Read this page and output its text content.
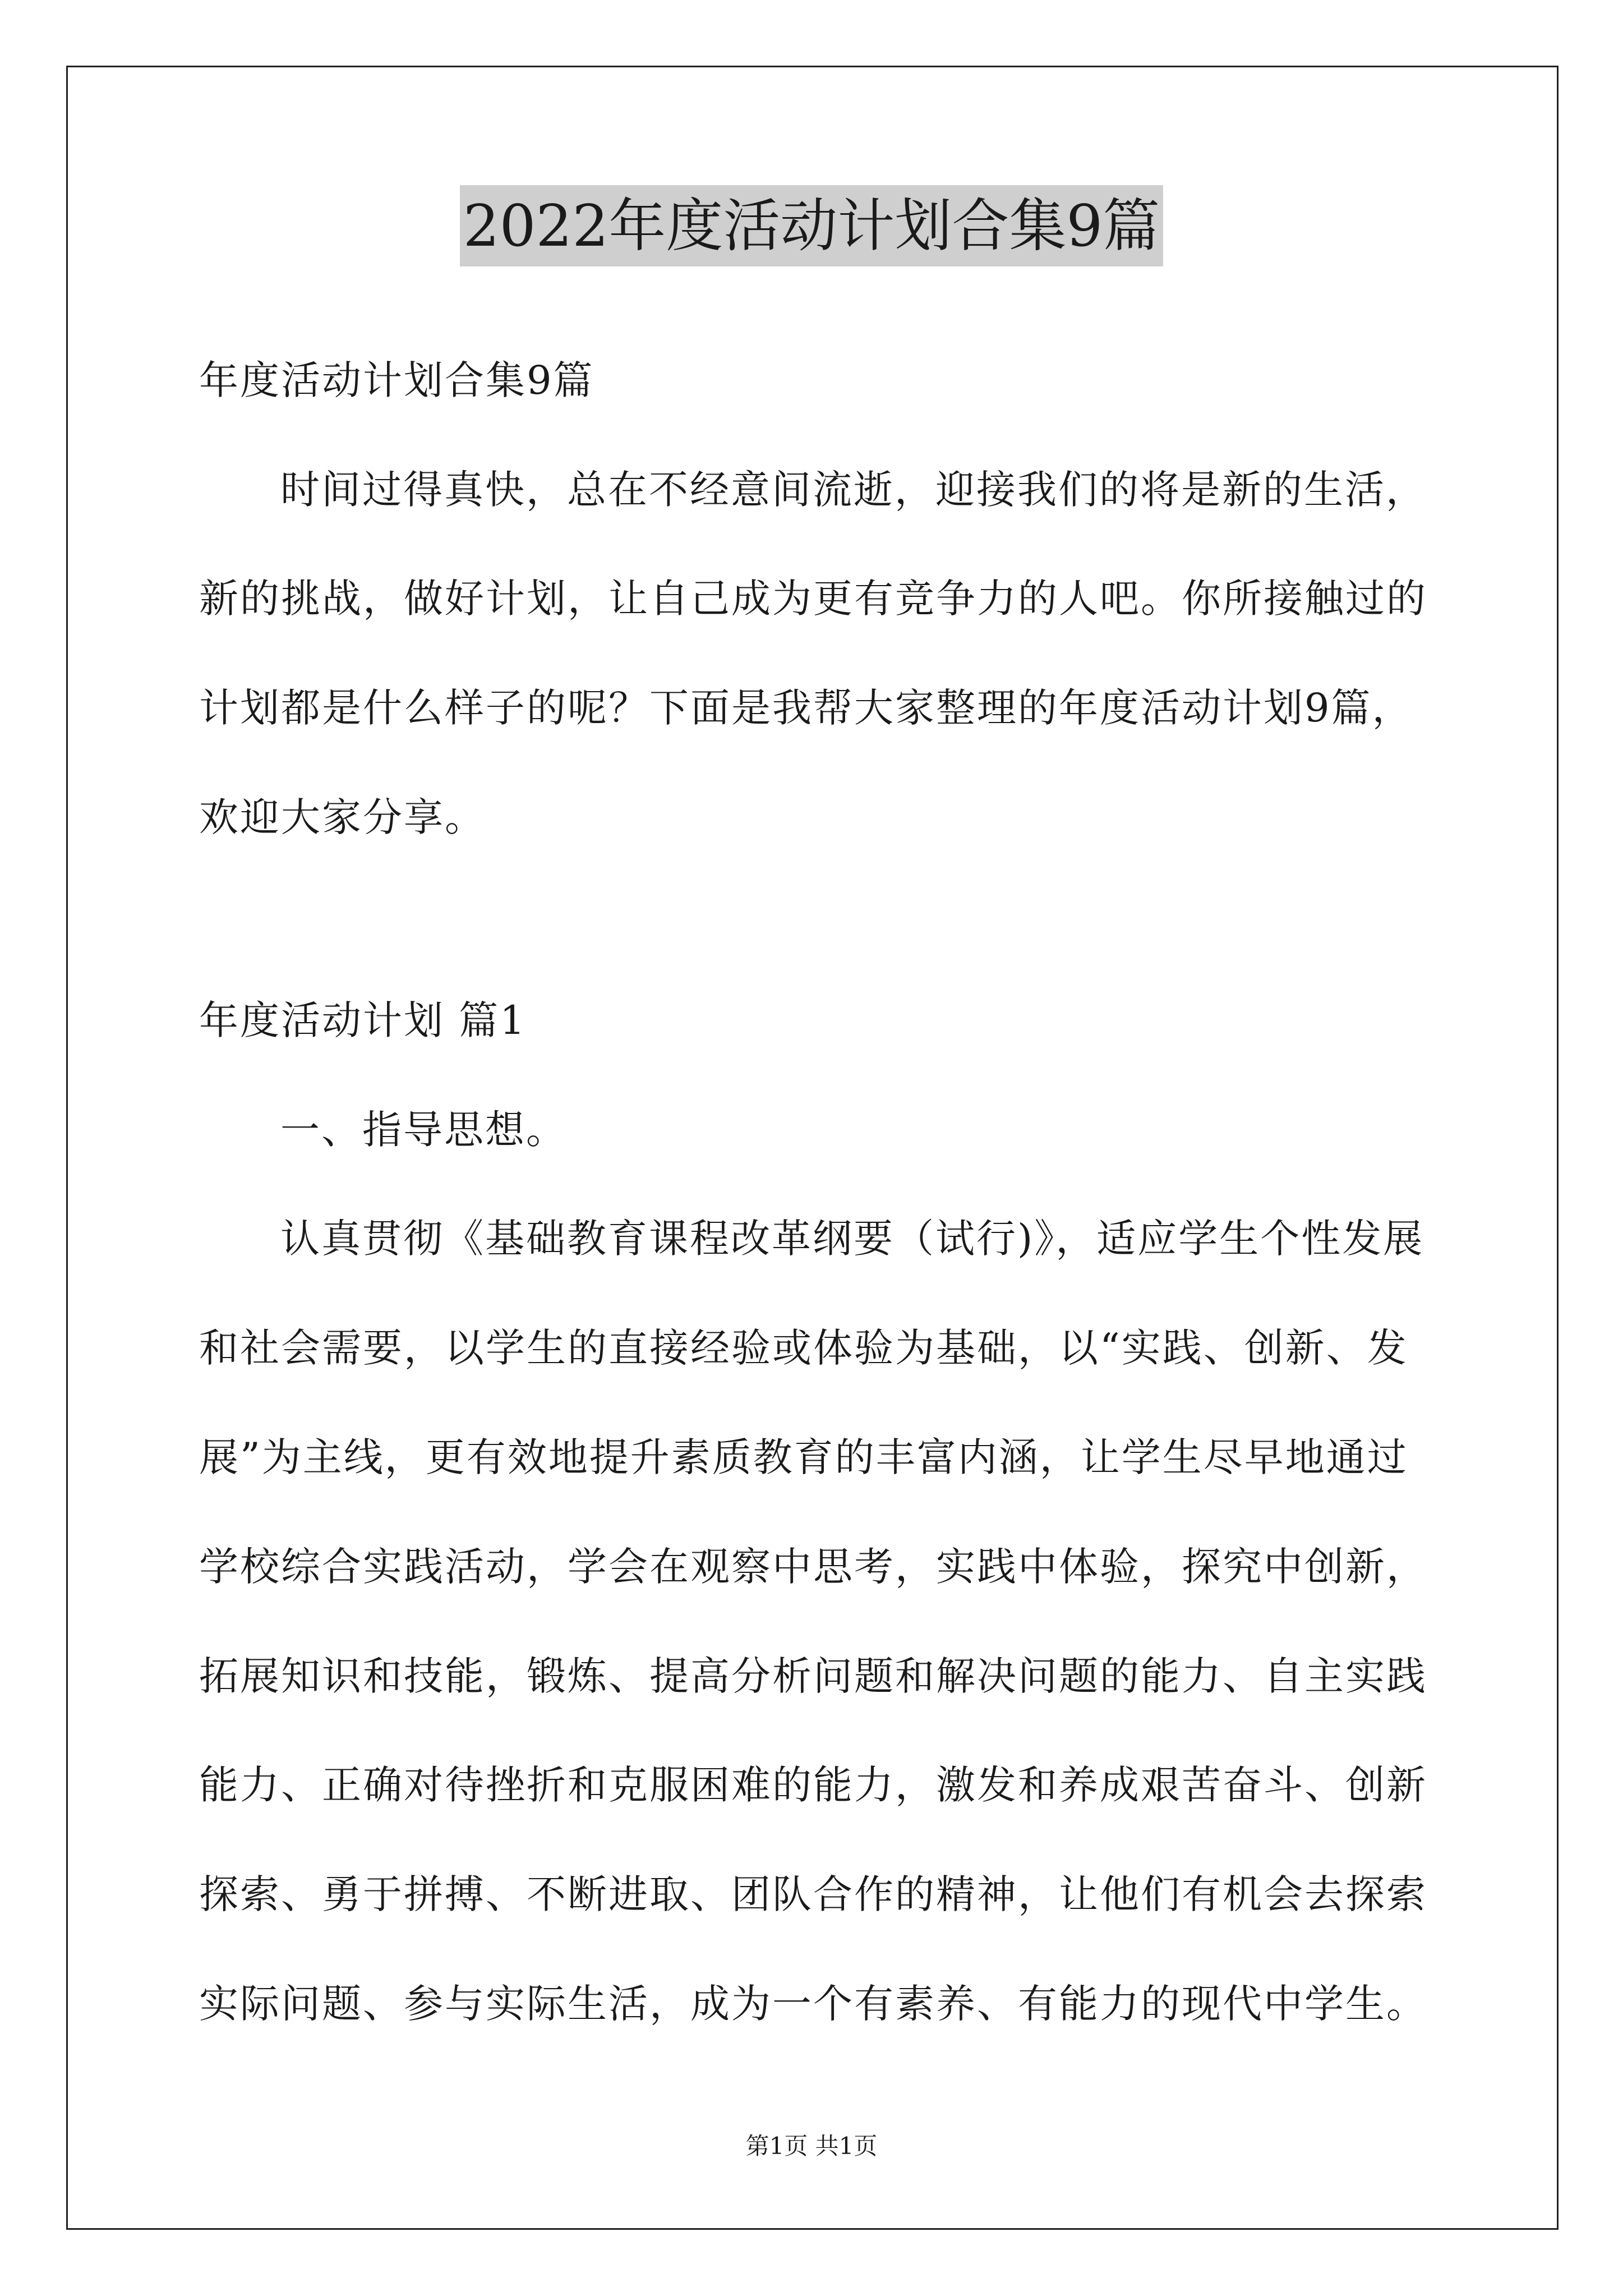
2022年度活动计划合集9篇

年度活动计划合集9篇

时间过得真快，总在不经意间流逝，迎接我们的将是新的生活，

新的挑战，做好计划，让自己成为更有竞争力的人吧。你所接触过的

计划都是什么样子的呢？下面是我帮大家整理的年度活动计划9篇，

欢迎大家分享。

年度活动计划 篇1

一、指导思想。

认真贯彻《基础教育课程改革纲要（试行)》，适应学生个性发展

和社会需要，以学生的直接经验或体验为基础，以“实践、创新、发

展”为主线，更有效地提升素质教育的丰富内涵，让学生尽早地通过

学校综合实践活动，学会在观察中思考，实践中体验，探究中创新，

拓展知识和技能，锻炼、提高分析问题和解决问题的能力、自主实践

能力、正确对待挫折和克服困难的能力，激发和养成艰苦奋斗、创新

探索、勇于拼搏、不断进取、团队合作的精神，让他们有机会去探索

实际问题、参与实际生活，成为一个有素养、有能力的现代中学生。

第1页 共1页
